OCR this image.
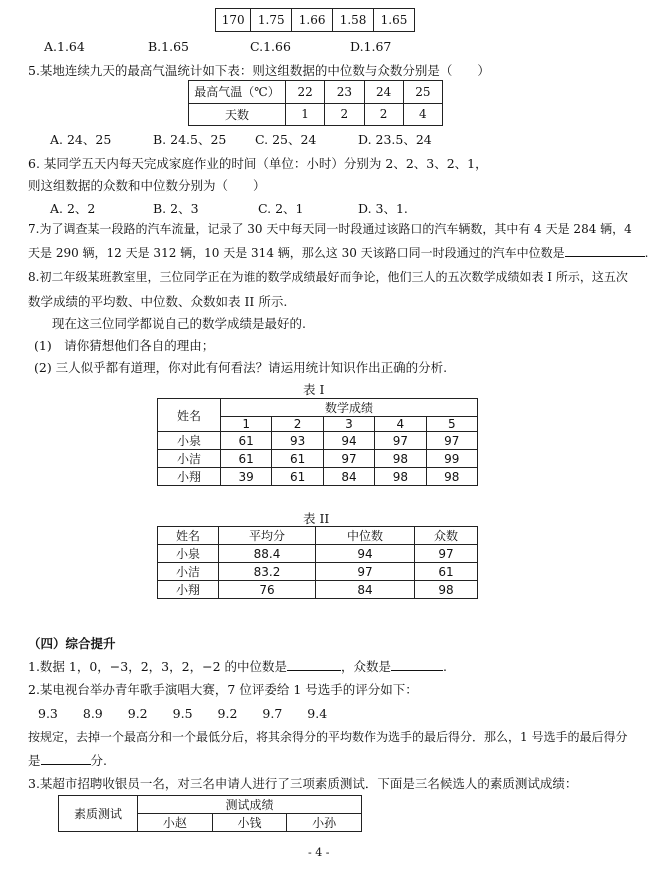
170	1.75	1.66	1.58	1.65
A.1.64	B.1.65	C.1.66	D.1.67
5.某地连续九天的最高气温统计如下表：则这组数据的中位数与众数分别是（　　）
最高气温（℃）	22	23	24	25
天数	1	2	2	4
A. 24、25	B. 24.5、25 C. 25、24	D. 23.5、24
6. 某同学五天内每天完成家庭作业的时间（单位：小时）分别为 2、2、3、2、1，
则这组数据的众数和中位数分别为（　　）
A. 2、2	B. 2、3	C. 2、1	D. 3、1.
7.为了调查某一段路的汽车流量，记录了 30 天中每天同一时段通过该路口的汽车辆数，其中有 4 天是 284 辆，4
天是 290 辆，12 天是 312 辆，10 天是 314 辆，那么这 30 天该路口同一时段通过的汽车中位数是	.
8.初二年级某班教室里，三位同学正在为谁的数学成绩最好而争论，他们三人的五次数学成绩如表 I 所示，这五次
数学成绩的平均数、中位数、众数如表 II 所示.
现在这三位同学都说自己的数学成绩是最好的.
(1)　请你猜想他们各自的理由；
(2) 三人似乎都有道理，你对此有何看法？请运用统计知识作出正确的分析.
表 I
姓名	数学成绩				
	1	2	3	4	5
小泉	61	93	94	97	97
小洁	61	61	97	98	99
小翔	39	61	84	98	98
表 II
姓名	平均分	中位数	众数
小泉	88.4	94	97
小洁	83.2	97	61
小翔	76	84	98
（四）综合提升
1.数据 1，0，−3，2，3，2，−2 的中位数是	，众数是	.
2.某电视台举办青年歌手演唱大赛，7 位评委给 1 号选手的评分如下：
9.3　　8.9　　9.2　　9.5　　9.2　　9.7　　9.4
按规定，去掉一个最高分和一个最低分后，将其余得分的平均数作为选手的最后得分．那么，1 号选手的最后得分
是	分.
3.某超市招聘收银员一名，对三名申请人进行了三项素质测试．下面是三名候选人的素质测试成绩：
素质测试	测试成绩		
	小赵	小钱	小孙
- 4 -
